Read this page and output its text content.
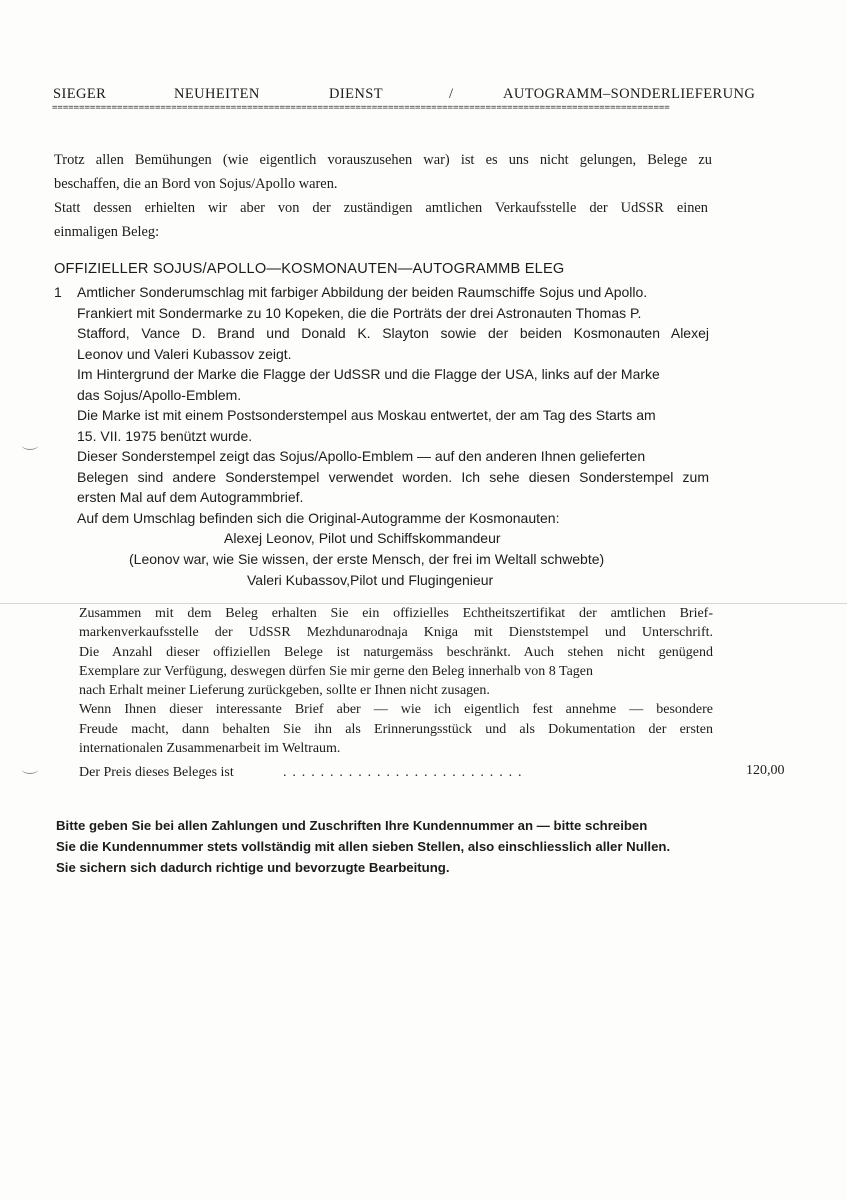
SIEGER	NEUHEITEN	DIENST	/	AUTOGRAMM–SONDERLIEFERUNG
==================================================================================================================
Trotz allen Bemühungen (wie eigentlich vorauszusehen war) ist es uns nicht gelungen, Belege zu
beschaffen, die an Bord von Sojus/Apollo waren.
Statt dessen erhielten wir aber von der zuständigen amtlichen Verkaufsstelle der UdSSR einen
einmaligen Beleg:
OFFIZIELLER SOJUS/APOLLO—KOSMONAUTEN—AUTOGRAMMB ELEG
1 Amtlicher Sonderumschlag mit farbiger Abbildung der beiden Raumschiffe Sojus und Apollo.
Frankiert mit Sondermarke zu 10 Kopeken, die die Porträts der drei Astronauten Thomas P.
Stafford, Vance D. Brand und Donald K. Slayton sowie der beiden Kosmonauten Alexej
Leonov und Valeri Kubassov zeigt.
Im Hintergrund der Marke die Flagge der UdSSR und die Flagge der USA, links auf der Marke
das Sojus/Apollo-Emblem.
Die Marke ist mit einem Postsonderstempel aus Moskau entwertet, der am Tag des Starts am
15. VII. 1975 benützt wurde.
Dieser Sonderstempel zeigt das Sojus/Apollo-Emblem — auf den anderen Ihnen gelieferten
Belegen sind andere Sonderstempel verwendet worden. Ich sehe diesen Sonderstempel zum
ersten Mal auf dem Autogrammbrief.
Auf dem Umschlag befinden sich die Original-Autogramme der Kosmonauten:
Alexej Leonov, Pilot und Schiffskommandeur
(Leonov war, wie Sie wissen, der erste Mensch, der frei im Weltall schwebte)
Valeri Kubassov,Pilot und Flugingenieur
Zusammen mit dem Beleg erhalten Sie ein offizielles Echtheitszertifikat der amtlichen Brief-
markenverkaufsstelle der UdSSR Mezhdunarodnaja Kniga mit Dienststempel und Unterschrift.
Die Anzahl dieser offiziellen Belege ist naturgemäss beschränkt. Auch stehen nicht genügend
Exemplare zur Verfügung, deswegen dürfen Sie mir gerne den Beleg innerhalb von 8 Tagen
nach Erhalt meiner Lieferung zurückgeben, sollte er Ihnen nicht zusagen.
Wenn Ihnen dieser interessante Brief aber — wie ich eigentlich fest annehme — besondere
Freude macht, dann behalten Sie ihn als Erinnerungsstück und als Dokumentation der ersten
internationalen Zusammenarbeit im Weltraum.
Der Preis dieses Beleges ist	. . . . . . . . . . . . . . . . . . . . . . . . . .	120,00
Bitte geben Sie bei allen Zahlungen und Zuschriften Ihre Kundennummer an — bitte schreiben
Sie die Kundennummer stets vollständig mit allen sieben Stellen, also einschliesslich aller Nullen.
Sie sichern sich dadurch richtige und bevorzugte Bearbeitung.
